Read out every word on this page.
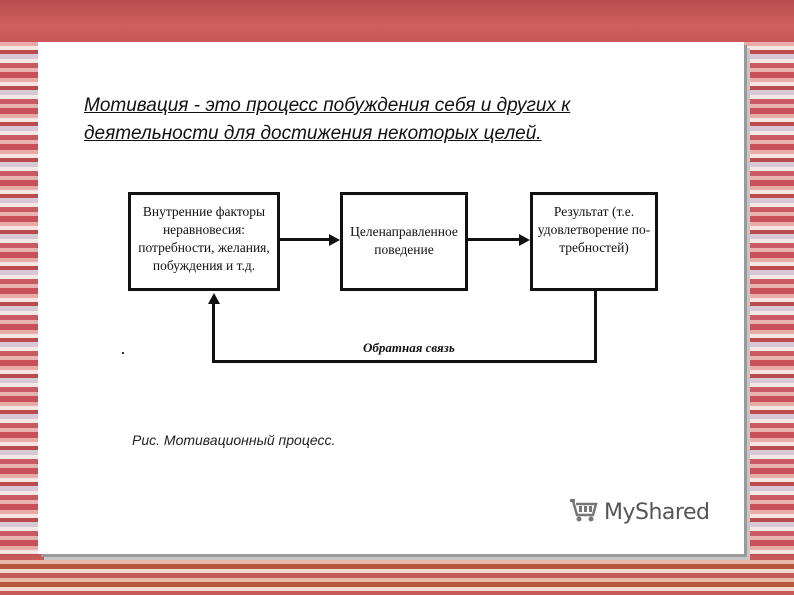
Мотивация - это процесс побуждения себя и других к
деятельности для достижения некоторых целей.
Внутренние факторы
неравновесия:
потребности, желания,
побуждения и т.д.
Целенаправленное
поведение
Результат (т.е.
удовлетворение по-
требностей)
Обратная связь
Рис. Мотивационный процесс.
MyShared
